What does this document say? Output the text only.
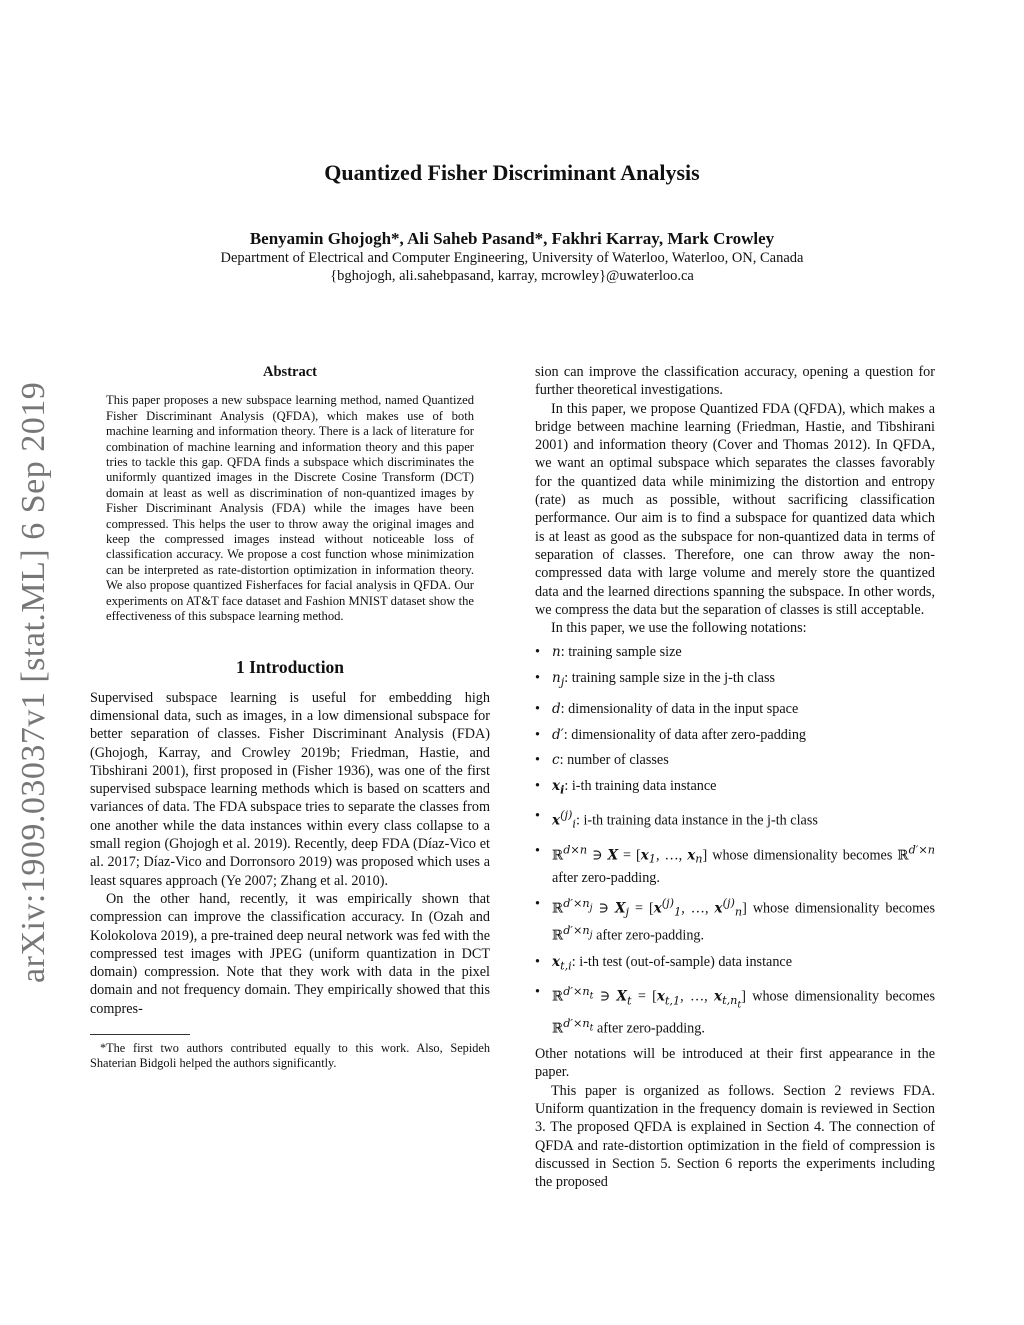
arXiv:1909.03037v1 [stat.ML] 6 Sep 2019
Quantized Fisher Discriminant Analysis
Benyamin Ghojogh*, Ali Saheb Pasand*, Fakhri Karray, Mark Crowley
Department of Electrical and Computer Engineering, University of Waterloo, Waterloo, ON, Canada
{bghojogh, ali.sahebpasand, karray, mcrowley}@uwaterloo.ca
Abstract
This paper proposes a new subspace learning method, named Quantized Fisher Discriminant Analysis (QFDA), which makes use of both machine learning and information theory. There is a lack of literature for combination of machine learning and information theory and this paper tries to tackle this gap. QFDA finds a subspace which discriminates the uniformly quantized images in the Discrete Cosine Transform (DCT) domain at least as well as discrimination of non-quantized images by Fisher Discriminant Analysis (FDA) while the images have been compressed. This helps the user to throw away the original images and keep the compressed images instead without noticeable loss of classification accuracy. We propose a cost function whose minimization can be interpreted as rate-distortion optimization in information theory. We also propose quantized Fisherfaces for facial analysis in QFDA. Our experiments on AT&T face dataset and Fashion MNIST dataset show the effectiveness of this subspace learning method.
1 Introduction

Supervised subspace learning is useful for embedding high dimensional data, such as images, in a low dimensional subspace for better separation of classes. Fisher Discriminant Analysis (FDA)(Ghojogh, Karray, and Crowley 2019b; Friedman, Hastie, and Tibshirani 2001), first proposed in (Fisher 1936), was one of the first supervised subspace learning methods which is based on scatters and variances of data. The FDA subspace tries to separate the classes from one another while the data instances within every class collapse to a small region (Ghojogh et al. 2019). Recently, deep FDA (Díaz-Vico et al. 2017; Díaz-Vico and Dorronsoro 2019) was proposed which uses a least squares approach (Ye 2007; Zhang et al. 2010).

On the other hand, recently, it was empirically shown that compression can improve the classification accuracy. In (Ozah and Kolokolova 2019), a pre-trained deep neural network was fed with the compressed test images with JPEG (uniform quantization in DCT domain) compression. Note that they work with data in the pixel domain and not frequency domain. They empirically showed that this compres-

*The first two authors contributed equally to this work. Also, Sepideh Shaterian Bidgoli helped the authors significantly.

sion can improve the classification accuracy, opening a question for further theoretical investigations.

In this paper, we propose Quantized FDA (QFDA), which makes a bridge between machine learning (Friedman, Hastie, and Tibshirani 2001) and information theory (Cover and Thomas 2012). In QFDA, we want an optimal subspace which separates the classes favorably for the quantized data while minimizing the distortion and entropy (rate) as much as possible, without sacrificing classification performance. Our aim is to find a subspace for quantized data which is at least as good as the subspace for non-quantized data in terms of separation of classes. Therefore, one can throw away the non-compressed data with large volume and merely store the quantized data and the learned directions spanning the subspace. In other words, we compress the data but the separation of classes is still acceptable.

In this paper, we use the following notations:

• n: training sample size
• $n_j$: training sample size in the j-th class
• d: dimensionality of data in the input space
• d′: dimensionality of data after zero-padding
• c: number of classes
• $x_i$: i-th training data instance
• $x^{(j)}_i$: i-th training data instance in the j-th class
• ℝ$^{d\times n}$ ∋ $X = [x_1$, …, $x_n$] whose dimensionality becomes ℝ$^{d'\times n}$ after zero-padding.
• ℝ$^{d'\times n_j}$ ∋ $X_j = [x^{(j)}_1$, …, $x^{(j)}_n$] whose dimensionality becomes ℝ$^{d'\times n_j}$ after zero-padding.
• $x_{t,i}$: i-th test (out-of-sample) data instance
• ℝ$^{d'\times n_t}$ ∋ $X_t = [x_{t,1}$, …, $x_{t,n_t}$] whose dimensionality becomes ℝ$^{d'\times n_t}$ after zero-padding.

Other notations will be introduced at their first appearance in the paper.

This paper is organized as follows. Section 2 reviews FDA. Uniform quantization in the frequency domain is reviewed in Section 3. The proposed QFDA is explained in Section 4. The connection of QFDA and rate-distortion optimization in the field of compression is discussed in Section 5. Section 6 reports the experiments including the proposed
